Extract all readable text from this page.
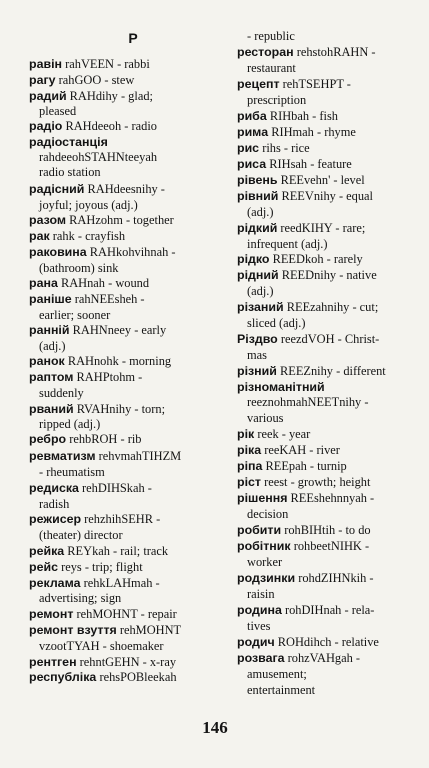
Р
равін rahVEEN - rabbi
рагу rahGOO - stew
радий RAHdihy - glad;
pleased
радіо RAHdeeoh - radio
радіостанція
rahdeeohSTAHNteeyah
radio station
радісний RAHdeesnihy -
joyful; joyous (adj.)
разом RAHzohm - together
рак rahk - crayfish
раковина RAHkohvihnah -
(bathroom) sink
рана RAHnah - wound
раніше rahNEEsheh -
earlier; sooner
ранній RAHNneey - early
(adj.)
ранок RAHnohk - morning
раптом RAHPtohm -
suddenly
рваний RVAHnihy - torn;
ripped (adj.)
ребро rehbROH - rib
ревматизм rehvmahTIHZM
- rheumatism
редиска rehDIHSkah -
radish
режисер rehzhihSEHR -
(theater) director
рейка REYkah - rail; track
рейс reys - trip; flight
реклама rehkLAHmah -
advertising; sign
ремонт rehMOHNT - repair
ремонт взуття rehMOHNT
vzootTYAH - shoemaker
рентген rehntGEHN - x-ray
республіка rehsPOBleekah
- republic
ресторан rehstohRAHN -
restaurant
рецепт rehTSEHPT -
prescription
риба RIHbah - fish
рима RIHmah - rhyme
рис rihs - rice
риса RIHsah - feature
рівень REEvehn' - level
рівний REEVnihy - equal
(adj.)
рідкий reedKIHY - rare;
infrequent (adj.)
рідко REEDkoh - rarely
рідний REEDnihy - native
(adj.)
різаний REEzahnihy - cut;
sliced (adj.)
Різдво reezdVOH - Christ-
mas
різний REEZnihy - different
різноманітний
reeznohmahNEETnihy -
various
рік reek - year
ріка reeKAH - river
ріпа REEpah - turnip
ріст reest - growth; height
рішення REEshehnnyah -
decision
робити rohBIHtih - to do
робітник rohbeetNIHK -
worker
родзинки rohdZIHNkih -
raisin
родина rohDIHnah - rela-
tives
родич ROHdihch - relative
розвага rohzVAHgah -
amusement;
entertainment
146
